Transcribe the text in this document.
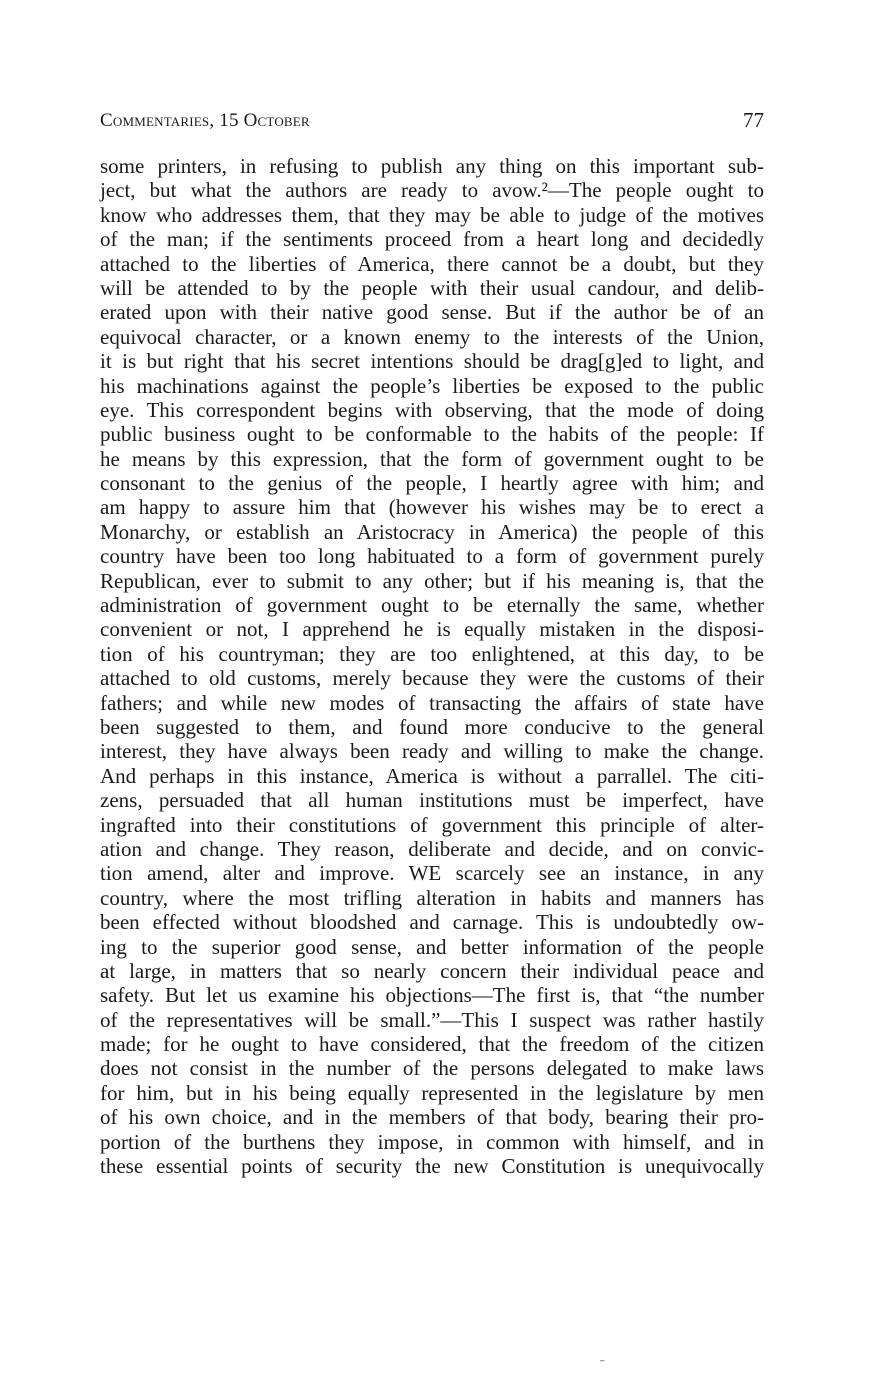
Commentaries, 15 October	77
some printers, in refusing to publish any thing on this important sub-
ject, but what the authors are ready to avow.²—The people ought to
know who addresses them, that they may be able to judge of the motives
of the man; if the sentiments proceed from a heart long and decidedly
attached to the liberties of America, there cannot be a doubt, but they
will be attended to by the people with their usual candour, and delib-
erated upon with their native good sense. But if the author be of an
equivocal character, or a known enemy to the interests of the Union,
it is but right that his secret intentions should be drag[g]ed to light, and
his machinations against the people’s liberties be exposed to the public
eye. This correspondent begins with observing, that the mode of doing
public business ought to be conformable to the habits of the people: If
he means by this expression, that the form of government ought to be
consonant to the genius of the people, I heartly agree with him; and
am happy to assure him that (however his wishes may be to erect a
Monarchy, or establish an Aristocracy in America) the people of this
country have been too long habituated to a form of government purely
Republican, ever to submit to any other; but if his meaning is, that the
administration of government ought to be eternally the same, whether
convenient or not, I apprehend he is equally mistaken in the disposi-
tion of his countryman; they are too enlightened, at this day, to be
attached to old customs, merely because they were the customs of their
fathers; and while new modes of transacting the affairs of state have
been suggested to them, and found more conducive to the general
interest, they have always been ready and willing to make the change.
And perhaps in this instance, America is without a parrallel. The citi-
zens, persuaded that all human institutions must be imperfect, have
ingrafted into their constitutions of government this principle of alter-
ation and change. They reason, deliberate and decide, and on convic-
tion amend, alter and improve. WE scarcely see an instance, in any
country, where the most trifling alteration in habits and manners has
been effected without bloodshed and carnage. This is undoubtedly ow-
ing to the superior good sense, and better information of the people
at large, in matters that so nearly concern their individual peace and
safety. But let us examine his objections—The first is, that “the number
of the representatives will be small.”—This I suspect was rather hastily
made; for he ought to have considered, that the freedom of the citizen
does not consist in the number of the persons delegated to make laws
for him, but in his being equally represented in the legislature by men
of his own choice, and in the members of that body, bearing their pro-
portion of the burthens they impose, in common with himself, and in
these essential points of security the new Constitution is unequivocally
ˉ
